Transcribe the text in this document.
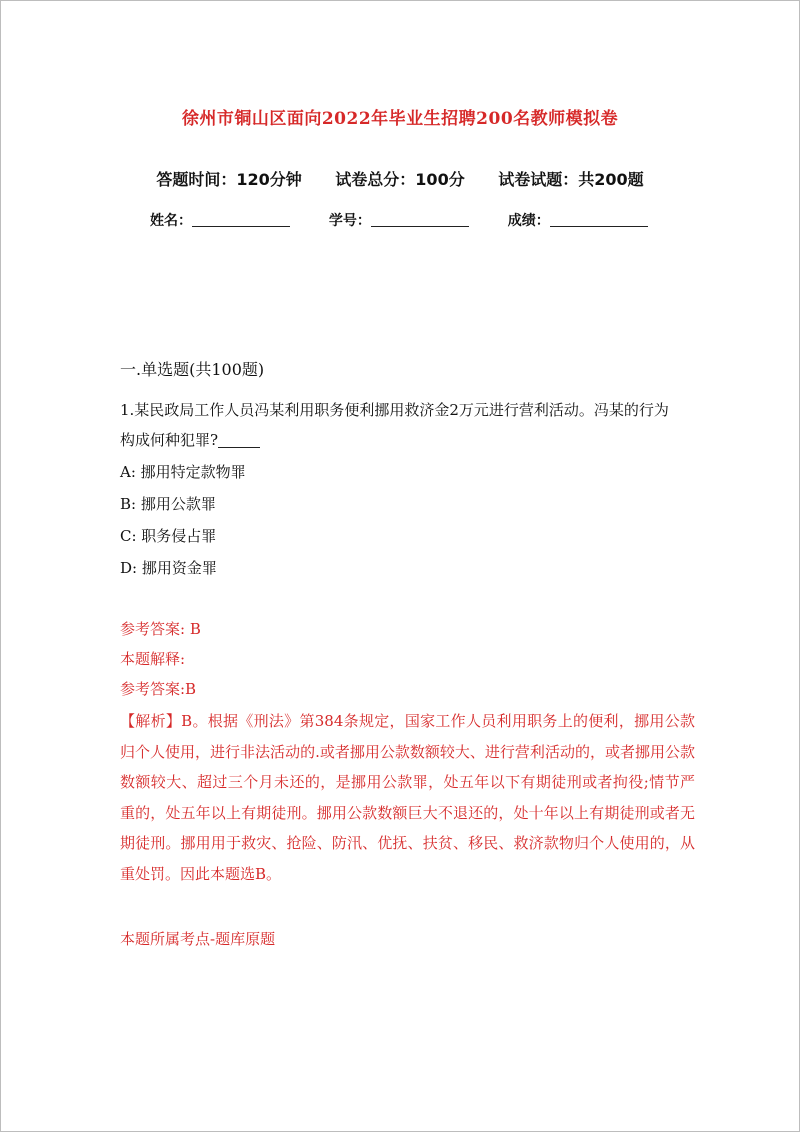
徐州市铜山区面向2022年毕业生招聘200名教师模拟卷
答题时间：120分钟 试卷总分：100分 试卷试题：共200题
姓名：	学号：	成绩：
一.单选题(共100题)
1.某民政局工作人员冯某利用职务便利挪用救济金2万元进行营利活动。冯某的行为构成何种犯罪?
A: 挪用特定款物罪
B: 挪用公款罪
C: 职务侵占罪
D: 挪用资金罪
参考答案: B
本题解释:
参考答案:B
【解析】B。根据《刑法》第384条规定，国家工作人员利用职务上的便利，挪用公款归个人使用，进行非法活动的.或者挪用公款数额较大、进行营利活动的，或者挪用公款数额较大、超过三个月未还的，是挪用公款罪，处五年以下有期徒刑或者拘役;情节严重的，处五年以上有期徒刑。挪用公款数额巨大不退还的，处十年以上有期徒刑或者无期徒刑。挪用用于救灾、抢险、防汛、优抚、扶贫、移民、救济款物归个人使用的，从重处罚。因此本题选B。
本题所属考点-题库原题
